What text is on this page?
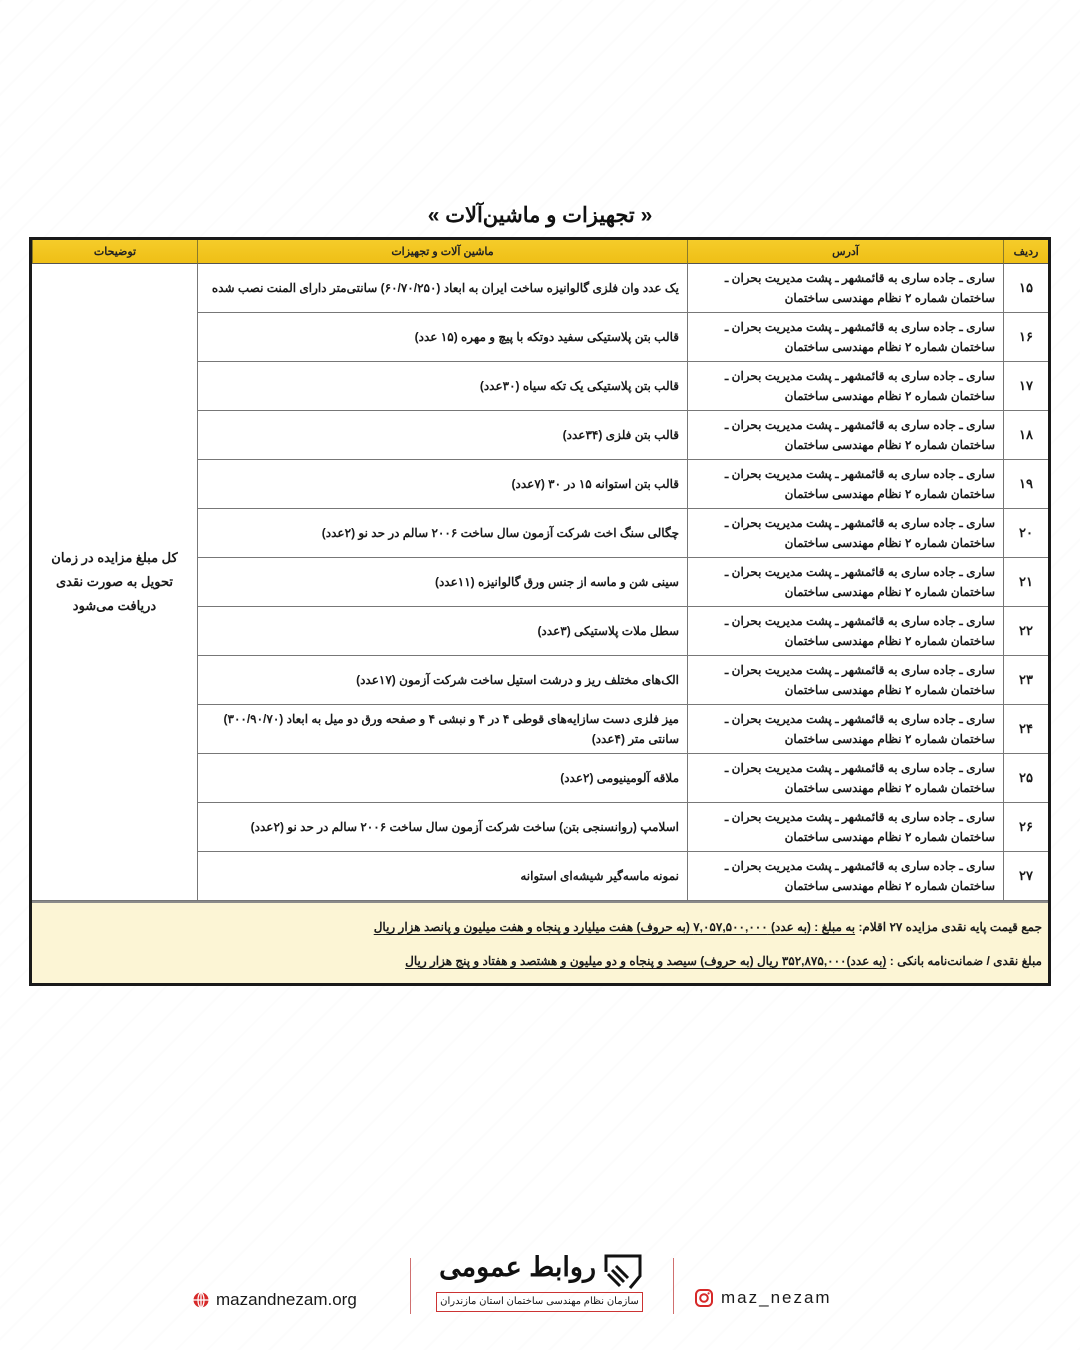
« تجهیزات و ماشین‌آلات »
ردیف
آدرس
ماشین آلات و تجهیزات
توضیحات
۱۵
ساری ـ جاده ساری به قائمشهر ـ پشت مدیریت بحران ـ ساختمان شماره ۲ نظام مهندسی ساختمان
یک عدد وان فلزی گالوانیزه ساخت ایران به ابعاد (۶۰/۷۰/۲۵۰) سانتی‌متر دارای المنت نصب شده
۱۶
ساری ـ جاده ساری به قائمشهر ـ پشت مدیریت بحران ـ ساختمان شماره ۲ نظام مهندسی ساختمان
قالب بتن پلاستیکی سفید دوتکه با پیچ و مهره (۱۵ عدد)
۱۷
ساری ـ جاده ساری به قائمشهر ـ پشت مدیریت بحران ـ ساختمان شماره ۲ نظام مهندسی ساختمان
قالب بتن پلاستیکی یک تکه سیاه (۳۰عدد)
۱۸
ساری ـ جاده ساری به قائمشهر ـ پشت مدیریت بحران ـ ساختمان شماره ۲ نظام مهندسی ساختمان
قالب بتن فلزی (۳۴عدد)
۱۹
ساری ـ جاده ساری به قائمشهر ـ پشت مدیریت بحران ـ ساختمان شماره ۲ نظام مهندسی ساختمان
قالب بتن استوانه ۱۵ در ۳۰ (۷عدد)
۲۰
ساری ـ جاده ساری به قائمشهر ـ پشت مدیریت بحران ـ ساختمان شماره ۲ نظام مهندسی ساختمان
چگالی سنگ اخت شرکت آزمون سال ساخت ۲۰۰۶ سالم در حد نو (۲عدد)
۲۱
ساری ـ جاده ساری به قائمشهر ـ پشت مدیریت بحران ـ ساختمان شماره ۲ نظام مهندسی ساختمان
سینی شن و ماسه از جنس ورق گالوانیزه (۱۱عدد)
۲۲
ساری ـ جاده ساری به قائمشهر ـ پشت مدیریت بحران ـ ساختمان شماره ۲ نظام مهندسی ساختمان
سطل ملات پلاستیکی (۳عدد)
۲۳
ساری ـ جاده ساری به قائمشهر ـ پشت مدیریت بحران ـ ساختمان شماره ۲ نظام مهندسی ساختمان
الک‌های مختلف ریز و درشت استیل ساخت شرکت آزمون (۱۷عدد)
۲۴
ساری ـ جاده ساری به قائمشهر ـ پشت مدیریت بحران ـ ساختمان شماره ۲ نظام مهندسی ساختمان
میز فلزی دست سازایه‌های قوطی ۴ در ۴ و نبشی ۴ و صفحه ورق دو میل به ابعاد (۳۰۰/۹۰/۷۰) سانتی متر (۴عدد)
۲۵
ساری ـ جاده ساری به قائمشهر ـ پشت مدیریت بحران ـ ساختمان شماره ۲ نظام مهندسی ساختمان
ملاقه آلومینیومی (۲عدد)
۲۶
ساری ـ جاده ساری به قائمشهر ـ پشت مدیریت بحران ـ ساختمان شماره ۲ نظام مهندسی ساختمان
اسلامپ (روانسنجی بتن) ساخت شرکت آزمون سال ساخت ۲۰۰۶ سالم در حد نو (۲عدد)
۲۷
ساری ـ جاده ساری به قائمشهر ـ پشت مدیریت بحران ـ ساختمان شماره ۲ نظام مهندسی ساختمان
نمونه ماسه‌گیر شیشه‌ای استوانه
کل مبلغ مزایده در زمان تحویل به صورت نقدی دریافت می‌شود
جمع قیمت پایه نقدی مزایده ۲۷ اقلام: به مبلغ : (به عدد) ۷,۰۵۷,۵۰۰,۰۰۰ (به حروف) هفت میلیارد و پنجاه و هفت میلیون و پانصد هزار ریال
مبلغ نقدی / ضمانت‌نامه بانکی : (به عدد)۳۵۲,۸۷۵,۰۰۰ ریال (به حروف) سیصد و پنجاه و دو میلیون و هشتصد و هفتاد و پنج هزار ریال
mazandnezam.org
روابط عمومی
سازمان نظام مهندسی ساختمان استان مازندران	maz_nezam
